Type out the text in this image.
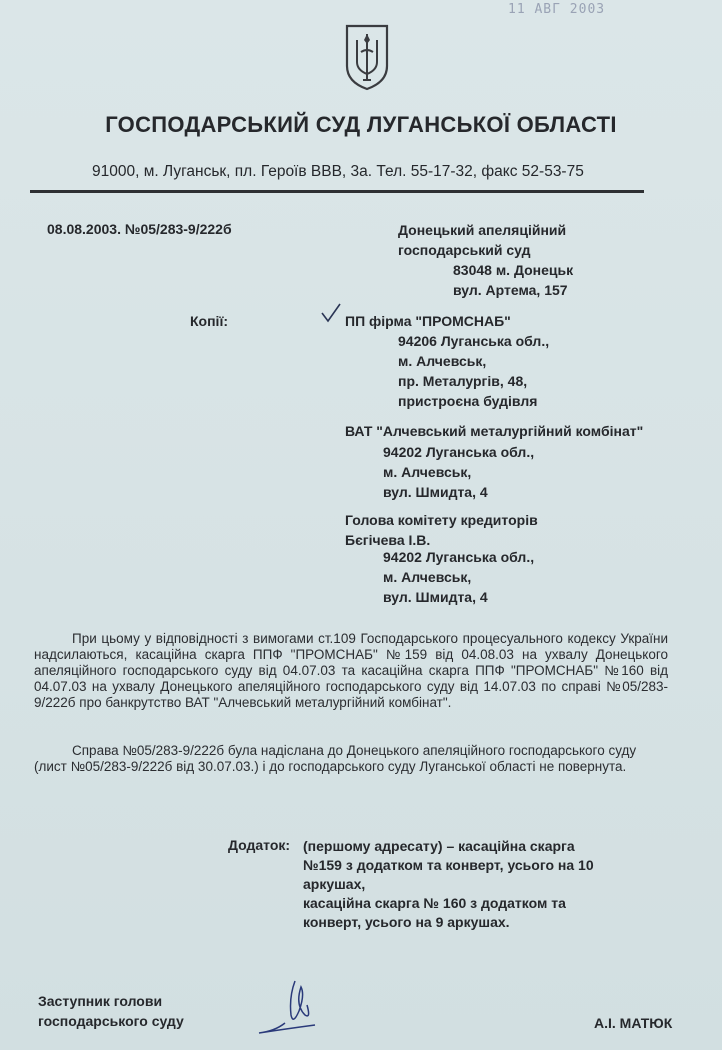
11 АВГ 2003
ГОСПОДАРСЬКИЙ СУД ЛУГАНСЬКОЇ ОБЛАСТІ
91000, м. Луганськ, пл. Героїв ВВВ, 3а. Тел. 55-17-32, факс 52-53-75
08.08.2003. №05/283-9/222б	Донецький апеляційний
господарський суд
83048 м. Донецьк
вул. Артема, 157
Копії:	ПП фірма "ПРОМСНАБ"
94206 Луганська обл.,
м. Алчевськ,
пр. Металургів, 48,
пристроєна будівля
ВАТ "Алчевський металургійний комбінат"
94202 Луганська обл.,
м. Алчевськ,
вул. Шмидта, 4
Голова комітету кредиторів
Бєгічева І.В.
94202 Луганська обл.,
м. Алчевськ,
вул. Шмидта, 4
При цьому у відповідності з вимогами ст.109 Господарського процесуального кодексу України надсилаються, касаційна скарга ППФ "ПРОМСНАБ" №159 від 04.08.03 на ухвалу Донецького апеляційного господарського суду від 04.07.03 та касаційна скарга ППФ "ПРОМСНАБ" №160 від 04.07.03 на ухвалу Донецького апеляційного господарського суду від 14.07.03 по справі №05/283-9/222б про банкрутство ВАТ "Алчевський металургійний комбінат".
Справа №05/283-9/222б була надіслана до Донецького апеляційного господарського суду (лист №05/283-9/222б від 30.07.03.) і до господарського суду Луганської області не повернута.
Додаток: (першому адресату) – касаційна скарга
№159 з додатком та конверт, усього на 10
аркушах,
касаційна скарга № 160 з додатком та
конверт, усього на 9 аркушах.
Заступник голови
господарського суду	А.І. МАТЮК
